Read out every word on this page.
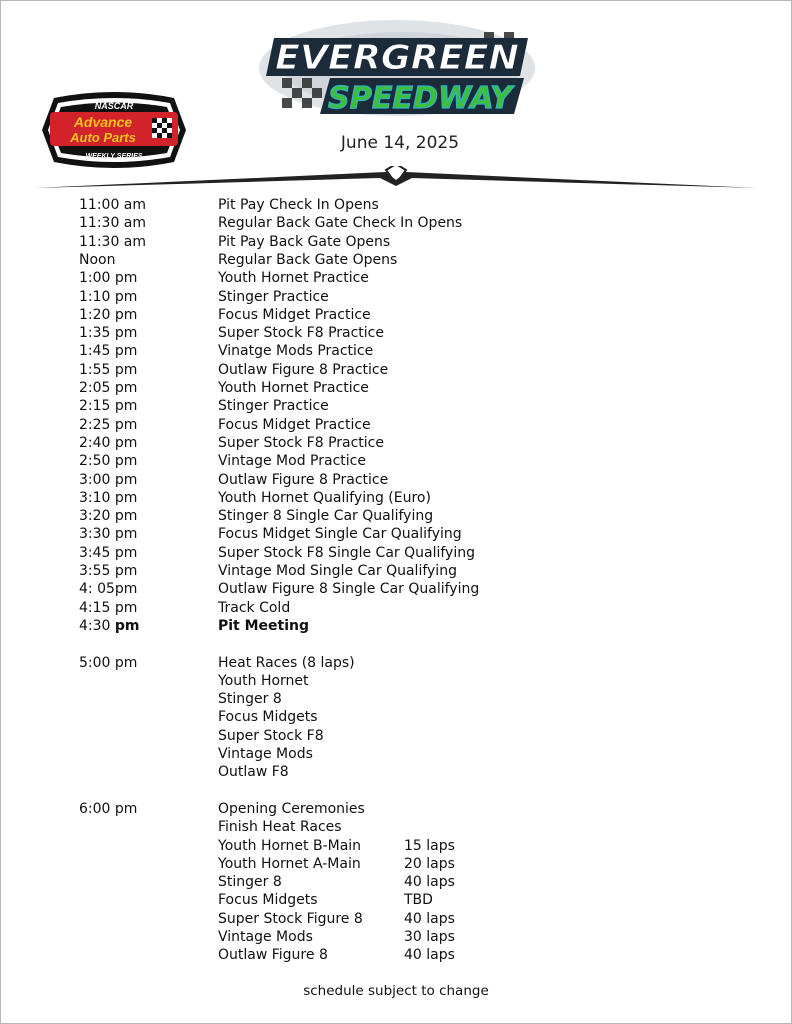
NASCAR
Advance
Auto Parts
WEEKLY SERIES
EVERGREEN
SPEEDWAY
June 14, 2025
11:00 am	Pit Pay Check In Opens
11:30 am	Regular Back Gate Check In Opens
11:30 am	Pit Pay Back Gate Opens
Noon	Regular Back Gate Opens
1:00 pm	Youth Hornet Practice
1:10 pm	Stinger Practice
1:20 pm	Focus Midget Practice
1:35 pm	Super Stock F8 Practice
1:45 pm	Vinatge Mods Practice
1:55 pm	Outlaw Figure 8 Practice
2:05 pm	Youth Hornet Practice
2:15 pm	Stinger Practice
2:25 pm	Focus Midget Practice
2:40 pm	Super Stock F8 Practice
2:50 pm	Vintage Mod Practice
3:00 pm	Outlaw Figure 8 Practice
3:10 pm	Youth Hornet Qualifying (Euro)
3:20 pm	Stinger 8 Single Car Qualifying
3:30 pm	Focus Midget Single Car Qualifying
3:45 pm	Super Stock F8 Single Car Qualifying
3:55 pm	Vintage Mod Single Car Qualifying
4: 05pm	Outlaw Figure 8 Single Car Qualifying
4:15 pm	Track Cold
4:30 pm	Pit Meeting
5:00 pm	Heat Races (8 laps)
Youth Hornet
Stinger 8
Focus Midgets
Super Stock F8
Vintage Mods
Outlaw F8
6:00 pm	Opening Ceremonies
Finish Heat Races
Youth Hornet B-Main	15 laps
Youth Hornet A-Main	20 laps
Stinger 8	40 laps
Focus Midgets	TBD
Super Stock Figure 8	40 laps
Vintage Mods	30 laps
Outlaw Figure 8	40 laps
schedule subject to change
